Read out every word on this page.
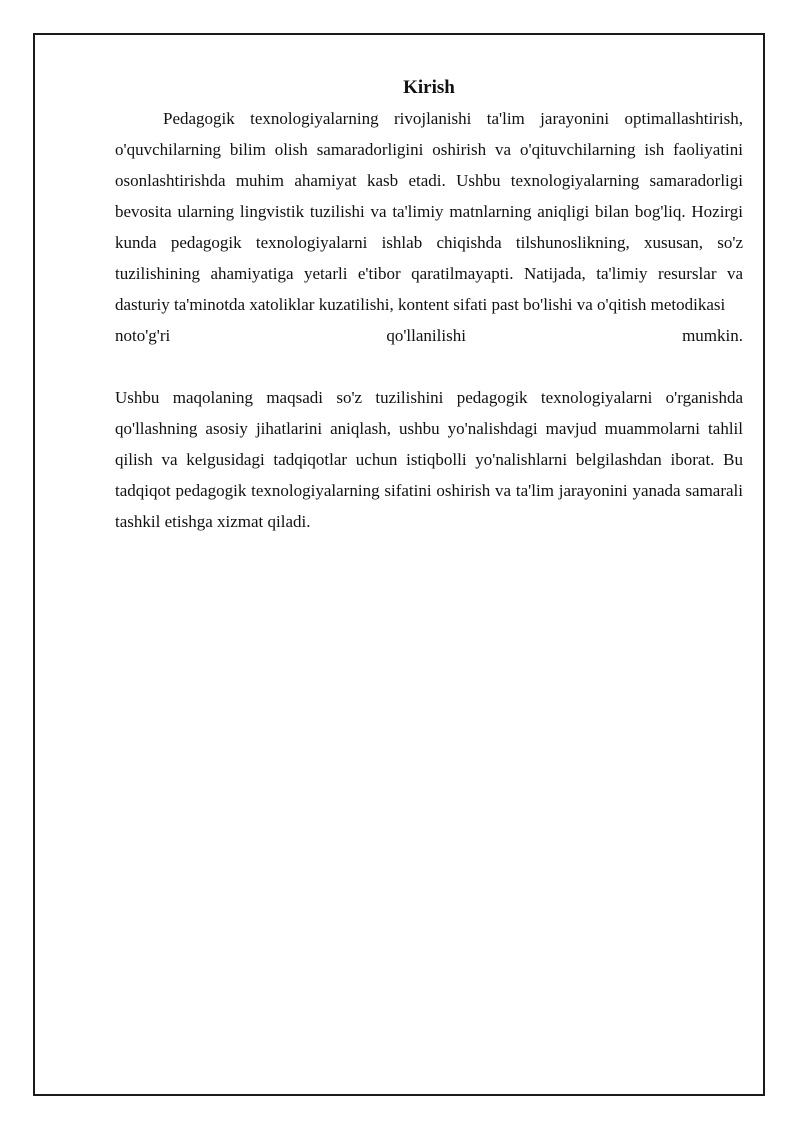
Kirish

Pedagogik texnologiyalarning rivojlanishi ta'lim jarayonini optimallashtirish, o'quvchilarning bilim olish samaradorligini oshirish va o'qituvchilarning ish faoliyatini osonlashtirishda muhim ahamiyat kasb etadi. Ushbu texnologiyalarning samaradorligi bevosita ularning lingvistik tuzilishi va ta'limiy matnlarning aniqligi bilan bog'liq. Hozirgi kunda pedagogik texnologiyalarni ishlab chiqishda tilshunoslikning, xususan, so'z tuzilishining ahamiyatiga yetarli e'tibor qaratilmayapti. Natijada, ta'limiy resurslar va dasturiy ta'minotda xatoliklar kuzatilishi, kontent sifati past bo'lishi va o'qitish metodikasi

noto'g'ri	qo'llanilishi	mumkin.

Ushbu maqolaning maqsadi so'z tuzilishini pedagogik texnologiyalarni o'rganishda qo'llashning asosiy jihatlarini aniqlash, ushbu yo'nalishdagi mavjud muammolarni tahlil qilish va kelgusidagi tadqiqotlar uchun istiqbolli yo'nalishlarni belgilashdan iborat. Bu tadqiqot pedagogik texnologiyalarning sifatini oshirish va ta'lim jarayonini yanada samarali tashkil etishga xizmat qiladi.
